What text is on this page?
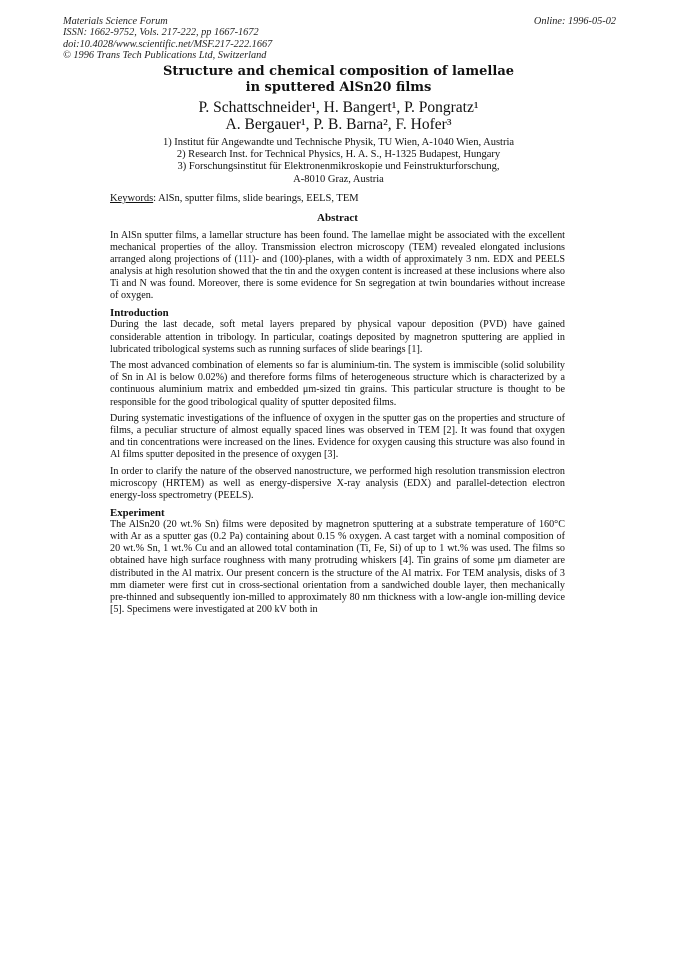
Materials Science Forum	Online: 1996-05-02
ISSN: 1662-9752, Vols. 217-222, pp 1667-1672
doi:10.4028/www.scientific.net/MSF.217-222.1667
© 1996 Trans Tech Publications Ltd, Switzerland
Structure and chemical composition of lamellae
in sputtered AlSn20 films
P. Schattschneider¹, H. Bangert¹, P. Pongratz¹
A. Bergauer¹, P. B. Barna², F. Hofer³
1) Institut für Angewandte und Technische Physik, TU Wien, A-1040 Wien, Austria
2) Research Inst. for Technical Physics, H. A. S., H-1325 Budapest, Hungary
3) Forschungsinstitut für Elektronenmikroskopie und Feinstrukturforschung,
A-8010 Graz, Austria
Keywords: AlSn, sputter films, slide bearings, EELS, TEM
Abstract

In AlSn sputter films, a lamellar structure has been found. The lamellae might be associated with the excellent mechanical properties of the alloy. Transmission electron microscopy (TEM) revealed elongated inclusions arranged along projections of (111)- and (100)-planes, with a width of approximately 3 nm. EDX and PEELS analysis at high resolution showed that the tin and the oxygen content is increased at these inclusions where also Ti and N was found. Moreover, there is some evidence for Sn segregation at twin boundaries without increase of oxygen.

Introduction

During the last decade, soft metal layers prepared by physical vapour deposition (PVD) have gained considerable attention in tribology. In particular, coatings deposited by magnetron sputtering are applied in lubricated tribological systems such as running surfaces of slide bearings [1].

The most advanced combination of elements so far is aluminium-tin. The system is immiscible (solid solubility of Sn in Al is below 0.02%) and therefore forms films of heterogeneous structure which is characterized by a continuous aluminium matrix and embedded μm-sized tin grains. This particular structure is thought to be responsible for the good tribological quality of sputter deposited films.

During systematic investigations of the influence of oxygen in the sputter gas on the properties and structure of films, a peculiar structure of almost equally spaced lines was observed in TEM [2]. It was found that oxygen and tin concentrations were increased on the lines. Evidence for oxygen causing this structure was also found in Al films sputter deposited in the presence of oxygen [3].

In order to clarify the nature of the observed nanostructure, we performed high resolution transmission electron microscopy (HRTEM) as well as energy-dispersive X-ray analysis (EDX) and parallel-detection electron energy-loss spectrometry (PEELS).

Experiment

The AlSn20 (20 wt.% Sn) films were deposited by magnetron sputtering at a substrate temperature of 160°C with Ar as a sputter gas (0.2 Pa) containing about 0.15 % oxygen. A cast target with a nominal composition of 20 wt.% Sn, 1 wt.% Cu and an allowed total contamination (Ti, Fe, Si) of up to 1 wt.% was used. The films so obtained have high surface roughness with many protruding whiskers [4]. Tin grains of some μm diameter are distributed in the Al matrix. Our present concern is the structure of the Al matrix. For TEM analysis, disks of 3 mm diameter were first cut in cross-sectional orientation from a sandwiched double layer, then mechanically pre-thinned and subsequently ion-milled to approximately 80 nm thickness with a low-angle ion-milling device [5]. Specimens were investigated at 200 kV both in
